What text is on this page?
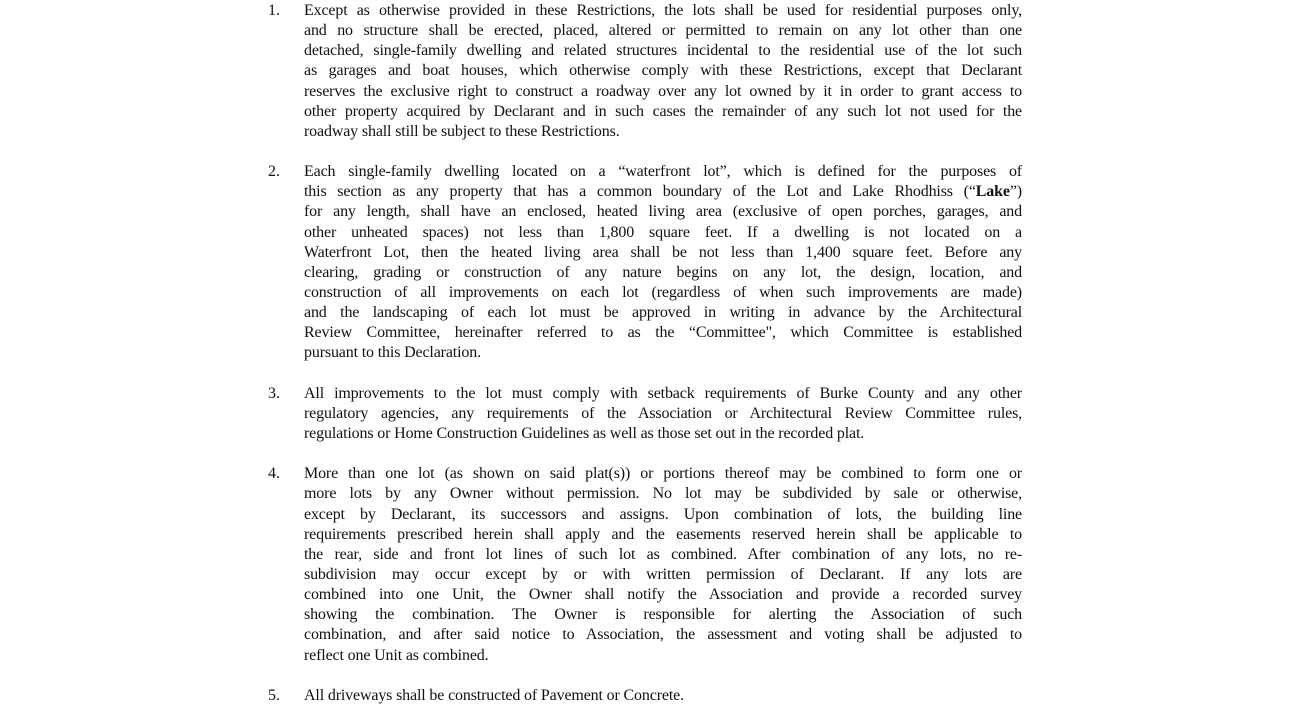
1. Except as otherwise provided in these Restrictions, the lots shall be used for residential purposes only,
and no structure shall be erected, placed, altered or permitted to remain on any lot other than one
detached, single-family dwelling and related structures incidental to the residential use of the lot such
as garages and boat houses, which otherwise comply with these Restrictions, except that Declarant
reserves the exclusive right to construct a roadway over any lot owned by it in order to grant access to
other property acquired by Declarant and in such cases the remainder of any such lot not used for the
roadway shall still be subject to these Restrictions.
2. Each single-family dwelling located on a “waterfront lot”, which is defined for the purposes of
this section as any property that has a common boundary of the Lot and Lake Rhodhiss (“Lake”)
for any length, shall have an enclosed, heated living area (exclusive of open porches, garages, and
other unheated spaces) not less than 1,800 square feet. If a dwelling is not located on a
Waterfront Lot, then the heated living area shall be not less than 1,400 square feet. Before any
clearing, grading or construction of any nature begins on any lot, the design, location, and
construction of all improvements on each lot (regardless of when such improvements are made)
and the landscaping of each lot must be approved in writing in advance by the Architectural
Review Committee, hereinafter referred to as the “Committee", which Committee is established
pursuant to this Declaration.
3. All improvements to the lot must comply with setback requirements of Burke County and any other
regulatory agencies, any requirements of the Association or Architectural Review Committee rules,
regulations or Home Construction Guidelines as well as those set out in the recorded plat.
4. More than one lot (as shown on said plat(s)) or portions thereof may be combined to form one or
more lots by any Owner without permission. No lot may be subdivided by sale or otherwise,
except by Declarant, its successors and assigns. Upon combination of lots, the building line
requirements prescribed herein shall apply and the easements reserved herein shall be applicable to
the rear, side and front lot lines of such lot as combined. After combination of any lots, no re-
subdivision may occur except by or with written permission of Declarant. If any lots are
combined into one Unit, the Owner shall notify the Association and provide a recorded survey
showing the combination. The Owner is responsible for alerting the Association of such
combination, and after said notice to Association, the assessment and voting shall be adjusted to
reflect one Unit as combined.
5. All driveways shall be constructed of Pavement or Concrete.
